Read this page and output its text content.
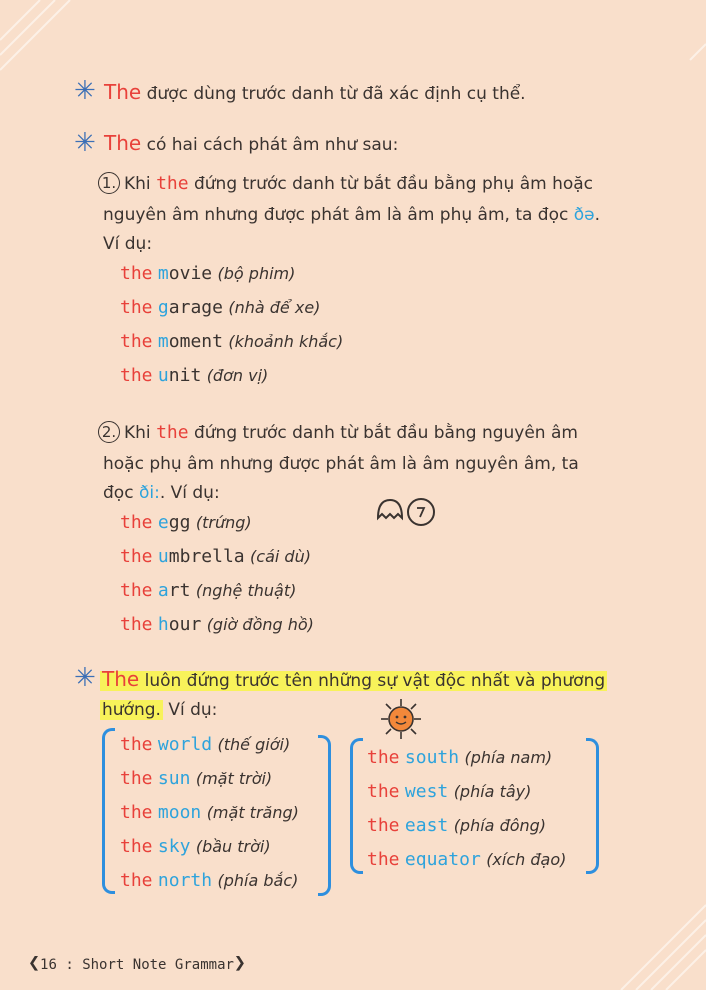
✳ The được dùng trước danh từ đã xác định cụ thể.
✳ The có hai cách phát âm như sau:
1. Khi the đứng trước danh từ bắt đầu bằng phụ âm hoặc
nguyên âm nhưng được phát âm là âm phụ âm, ta đọc ðə.
Ví dụ:
the movie (bộ phim)
the garage (nhà để xe)
the moment (khoảnh khắc)
the unit (đơn vị)
2. Khi the đứng trước danh từ bắt đầu bằng nguyên âm
hoặc phụ âm nhưng được phát âm là âm nguyên âm, ta
đọc ði:. Ví dụ:
the egg (trứng)
the umbrella (cái dù)
the art (nghệ thuật)
the hour (giờ đồng hồ)
✳ The luôn đứng trước tên những sự vật độc nhất và phương
hướng. Ví dụ:
the world (thế giới)
the sun (mặt trời)
the moon (mặt trăng)
the sky (bầu trời)
the north (phía bắc)
the south (phía nam)
the west (phía tây)
the east (phía đông)
the equator (xích đạo)
❮16 : Short Note Grammar❯
